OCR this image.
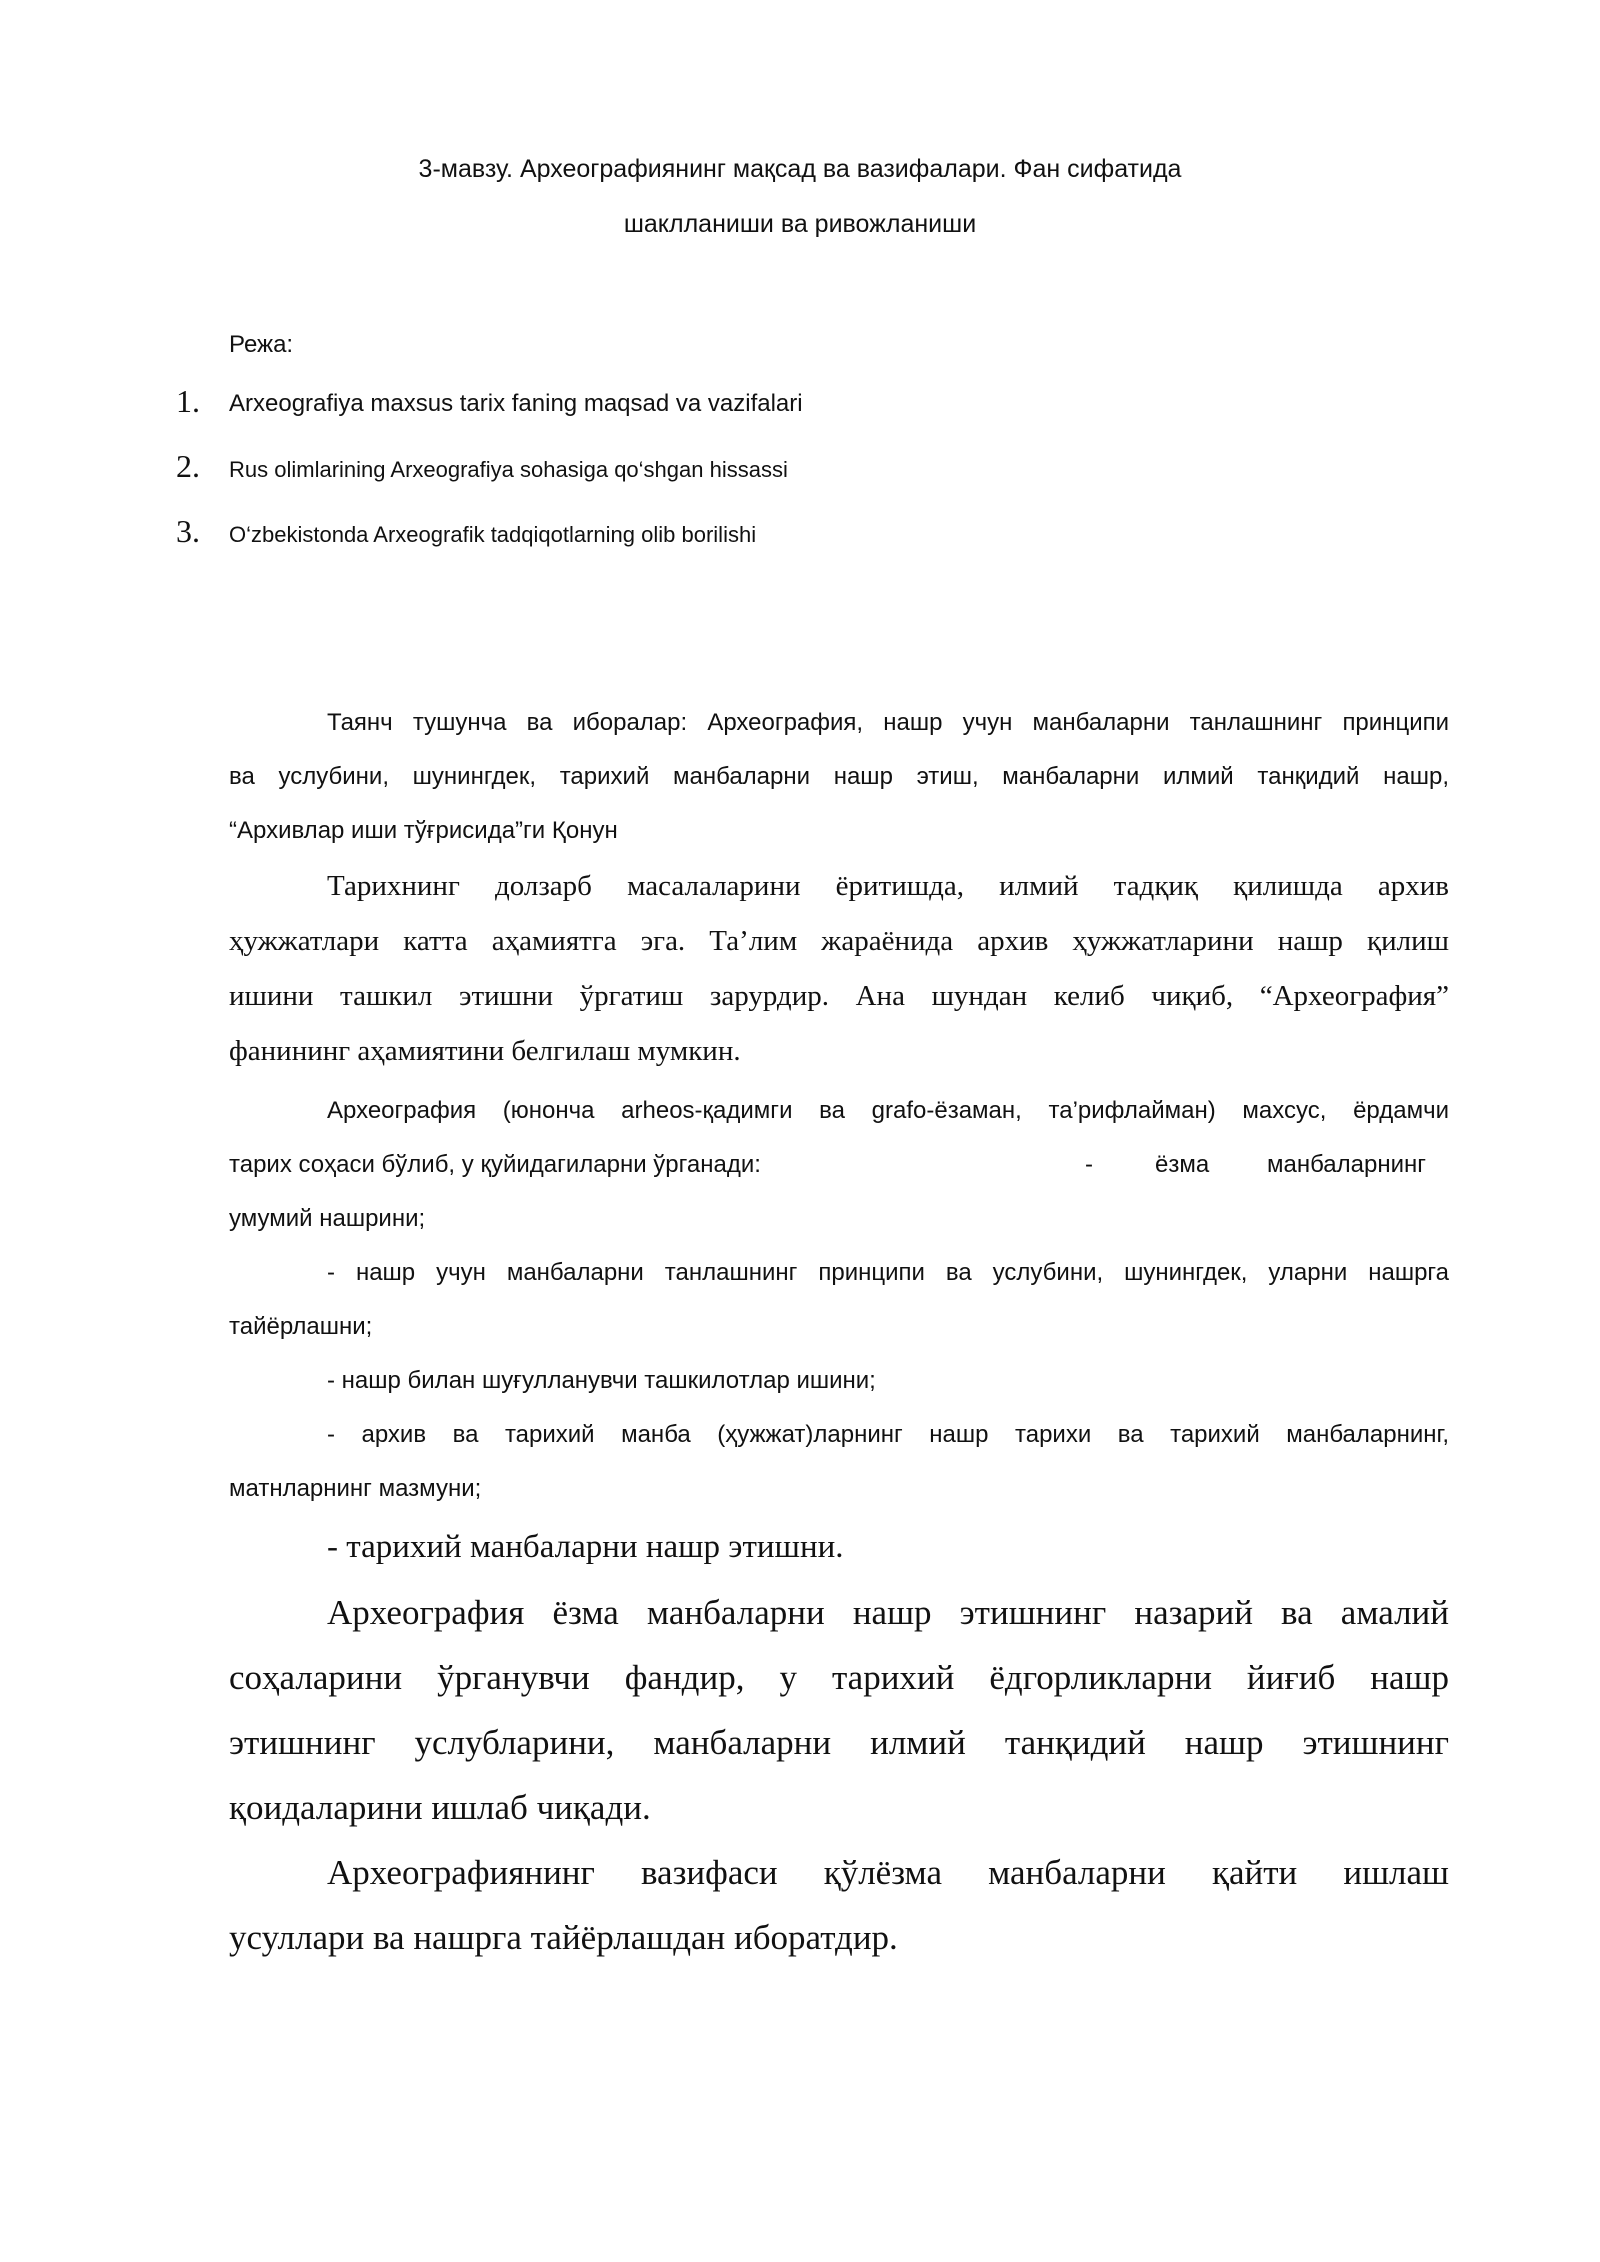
3-мавзу. Археографиянинг мақсад ва вазифалари. Фан сифатида
шаклланиши ва ривожланиши
Режа:
1. Arxeografiya maxsus tarix faning maqsad va vazifalari
2. Rus olimlarining Arxeografiya sohasiga qo‘shgan hissassi
3. O‘zbekistonda Arxeografik tadqiqotlarning olib borilishi
Таянч тушунча ва иборалар: Археография, нашр учун манбаларни танлашнинг принципи
ва услубини, шунингдек, тарихий манбаларни нашр этиш, манбаларни илмий танқидий нашр,
“Архивлар иши тўғрисида”ги Қонун
Тарихнинг долзарб масалаларини ёритишда, илмий тадқиқ қилишда архив
ҳужжатлари катта аҳамиятга эга. Та’лим жараёнида архив ҳужжатларини нашр қилиш
ишини ташкил этишни ўргатиш зарурдир. Ана шундан келиб чиқиб, “Археография”
фанининг аҳамиятини белгилаш мумкин.
Археография (юнонча arheos-қадимги ва grafo-ёзаман, та’рифлайман) махсус, ёрдамчи
тарих соҳаси бўлиб, у қуйидагиларни ўрганади:	-	ёзма манбаларнинг
умумий нашрини;
- нашр учун манбаларни танлашнинг принципи ва услубини, шунингдек, уларни нашрга
тайёрлашни;
- нашр билан шуғулланувчи ташкилотлар ишини;
- архив ва тарихий манба (ҳужжат)ларнинг нашр тарихи ва тарихий манбаларнинг,
матнларнинг мазмуни;
- тарихий манбаларни нашр этишни.
Археография ёзма манбаларни нашр этишнинг назарий ва амалий
соҳаларини ўрганувчи фандир, у тарихий ёдгорликларни йиғиб нашр
этишнинг услубларини, манбаларни илмий танқидий нашр этишнинг
қоидаларини ишлаб чиқади.
Археографиянинг вазифаси қўлёзма манбаларни қайти ишлаш
усуллари ва нашрга тайёрлашдан иборатдир.
